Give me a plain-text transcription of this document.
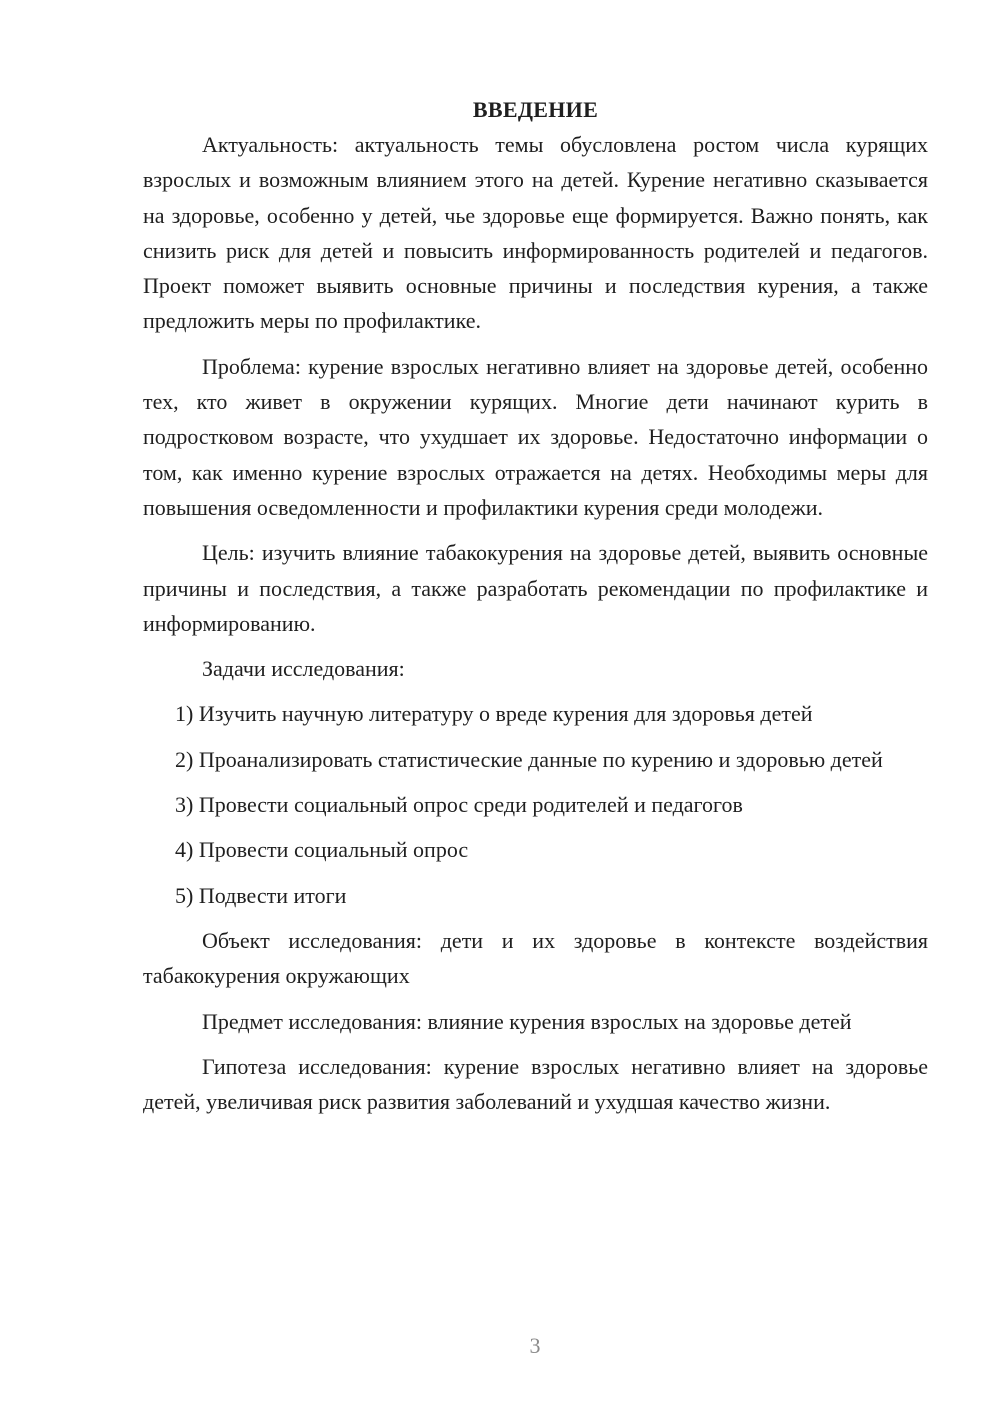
ВВЕДЕНИЕ

Актуальность: актуальность темы обусловлена ростом числа курящих взрослых и возможным влиянием этого на детей. Курение негативно сказывается на здоровье, особенно у детей, чье здоровье еще формируется. Важно понять, как снизить риск для детей и повысить информированность родителей и педагогов. Проект поможет выявить основные причины и последствия курения, а также предложить меры по профилактике.

Проблема: курение взрослых негативно влияет на здоровье детей, особенно тех, кто живет в окружении курящих. Многие дети начинают курить в подростковом возрасте, что ухудшает их здоровье. Недостаточно информации о том, как именно курение взрослых отражается на детях. Необходимы меры для повышения осведомленности и профилактики курения среди молодежи.

Цель: изучить влияние табакокурения на здоровье детей, выявить основные причины и последствия, а также разработать рекомендации по профилактике и информированию.

Задачи исследования:

1) Изучить научную литературу о вреде курения для здоровья детей

2) Проанализировать статистические данные по курению и здоровью детей

3) Провести социальный опрос среди родителей и педагогов

4) Провести социальный опрос

5) Подвести итоги

Объект исследования: дети и их здоровье в контексте воздействия табакокурения окружающих

Предмет исследования: влияние курения взрослых на здоровье детей

Гипотеза исследования: курение взрослых негативно влияет на здоровье детей, увеличивая риск развития заболеваний и ухудшая качество жизни.

3
